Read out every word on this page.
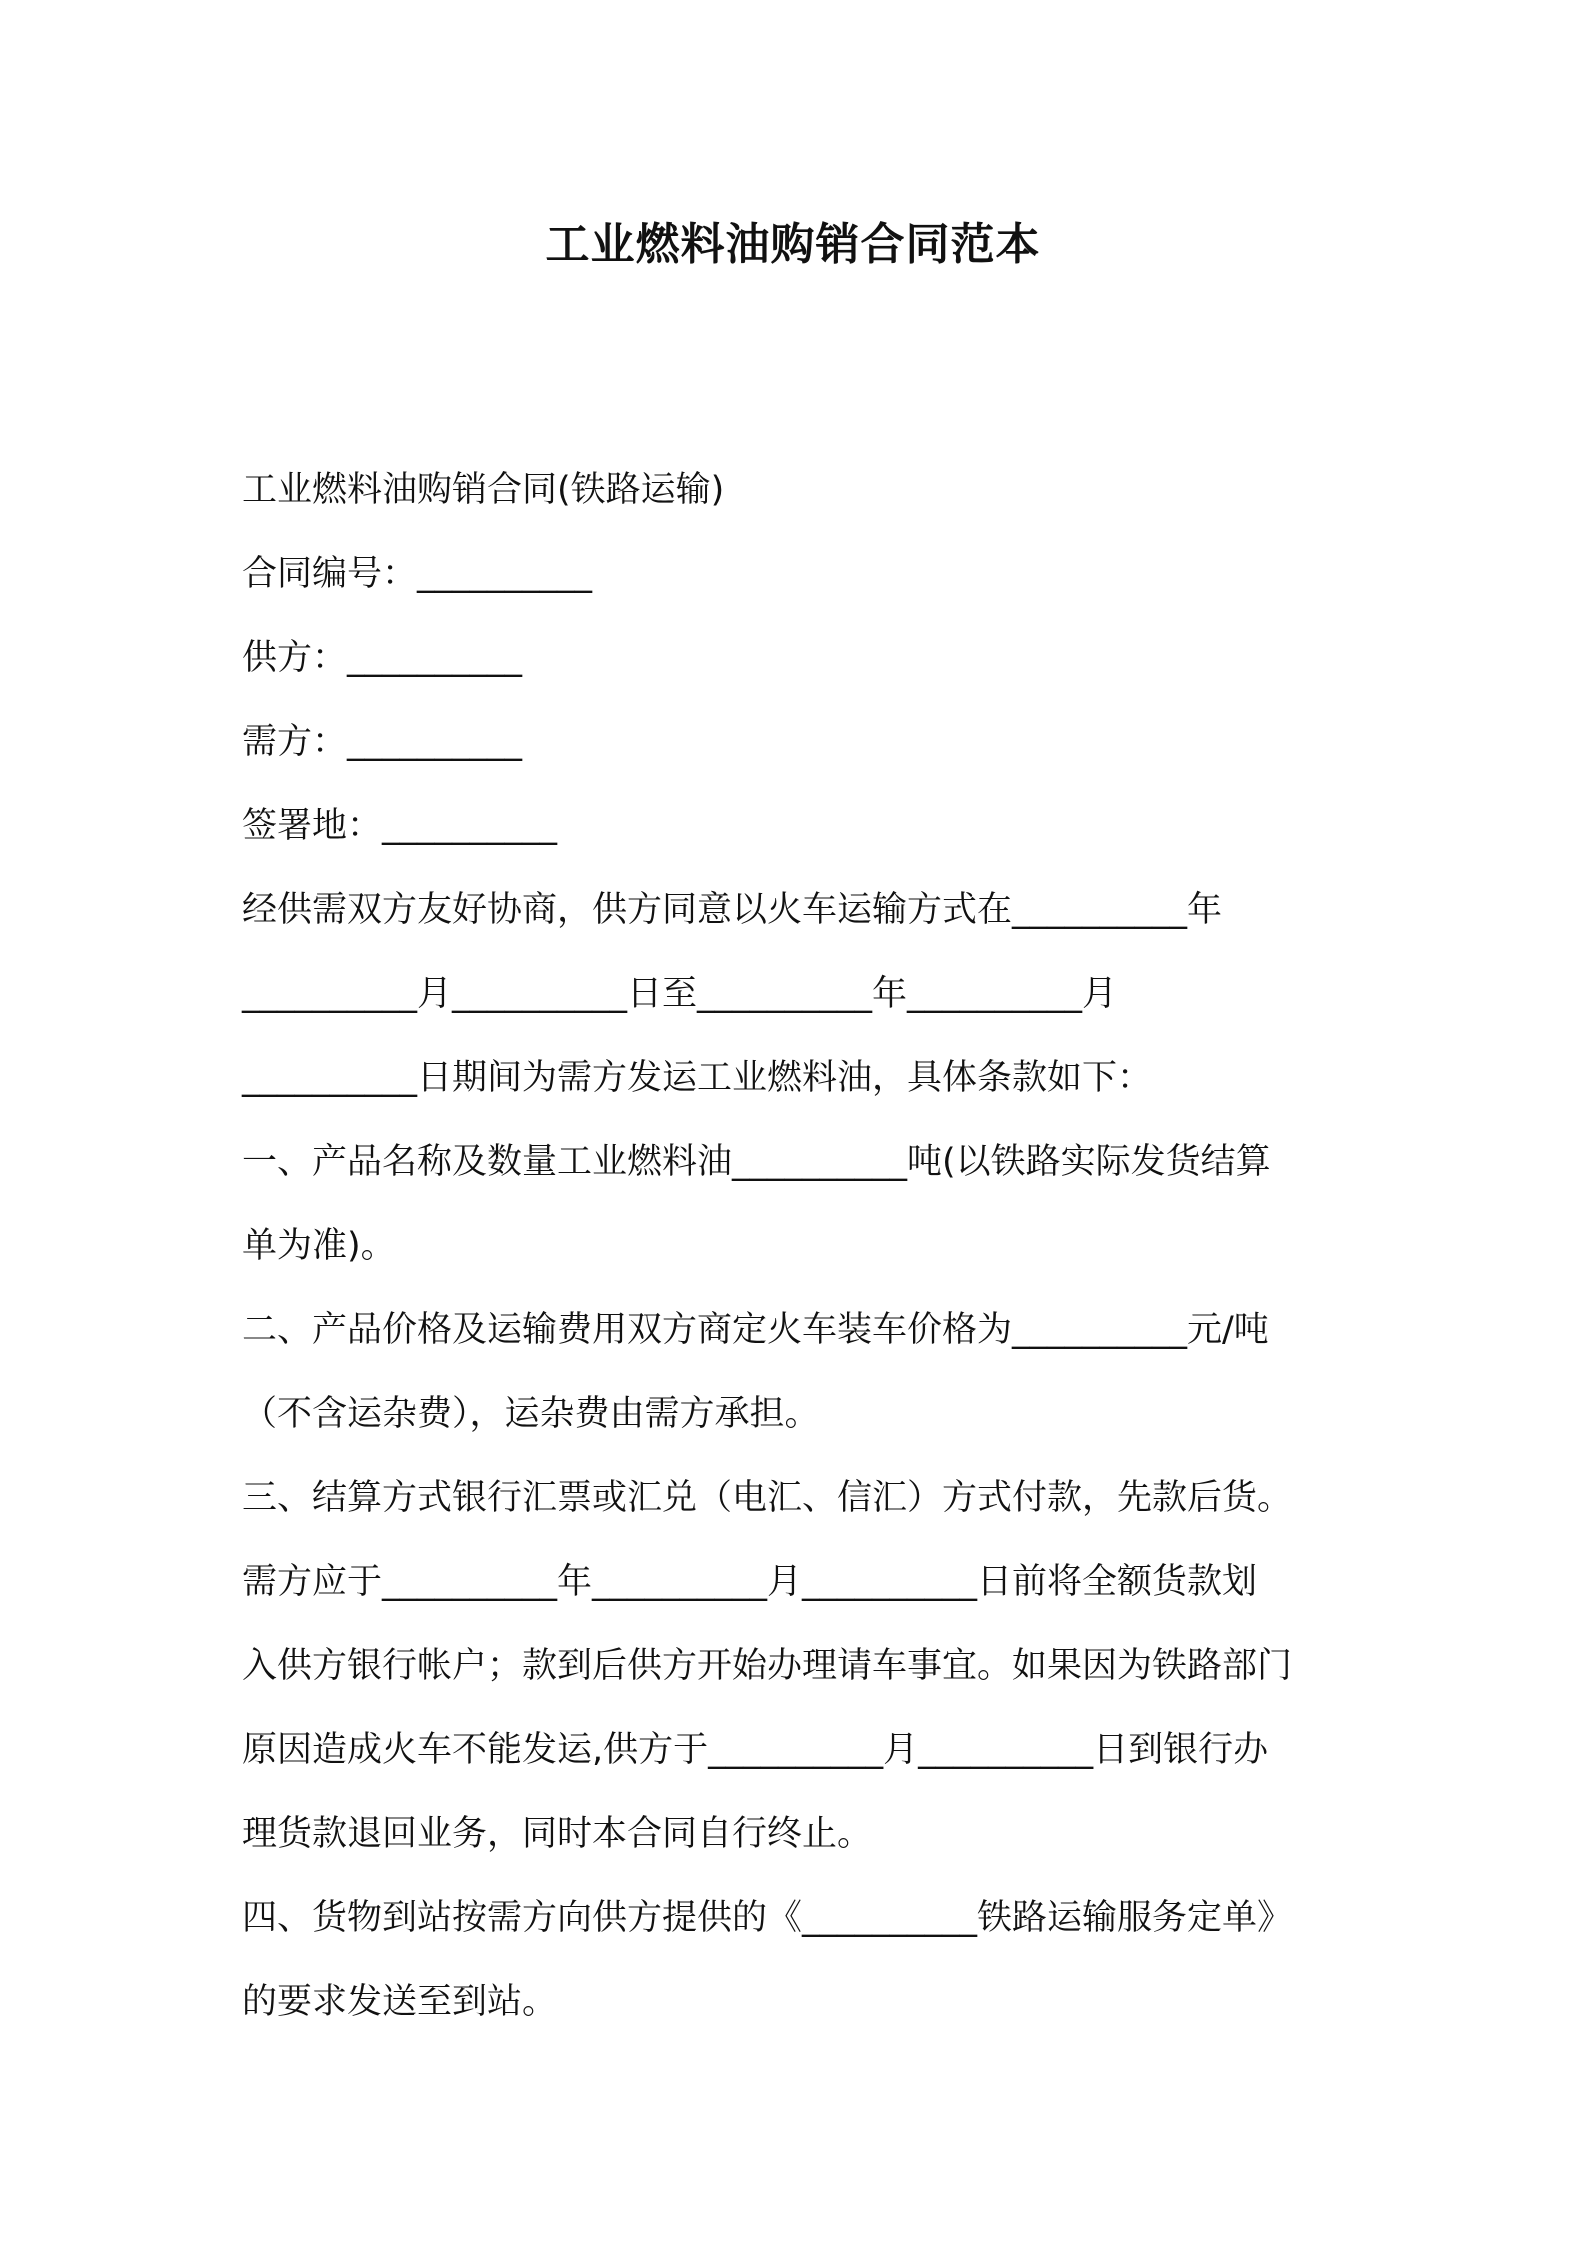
工业燃料油购销合同范本

工业燃料油购销合同(铁路运输)

合同编号：__________

供方：__________

需方：__________

签署地：__________

经供需双方友好协商，供方同意以火车运输方式在__________年

__________月__________日至__________年__________月

__________日期间为需方发运工业燃料油，具体条款如下：

一、产品名称及数量工业燃料油__________吨(以铁路实际发货结算

单为准)。

二、产品价格及运输费用双方商定火车装车价格为__________元/吨

（不含运杂费），运杂费由需方承担。

三、结算方式银行汇票或汇兑（电汇、信汇）方式付款，先款后货。

需方应于__________年__________月__________日前将全额货款划

入供方银行帐户；款到后供方开始办理请车事宜。如果因为铁路部门

原因造成火车不能发运,供方于__________月__________日到银行办

理货款退回业务，同时本合同自行终止。

四、货物到站按需方向供方提供的《__________铁路运输服务定单》

的要求发送至到站。
